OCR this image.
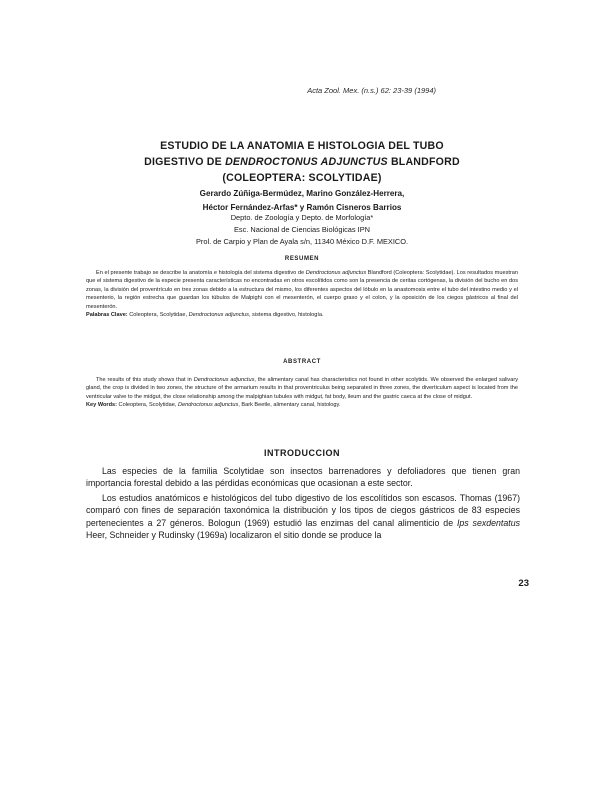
Acta Zool. Mex. (n.s.) 62: 23-39 (1994)
ESTUDIO DE LA ANATOMIA E HISTOLOGIA DEL TUBO
DIGESTIVO DE DENDROCTONUS ADJUNCTUS BLANDFORD
(COLEOPTERA: SCOLYTIDAE)
Gerardo Zúñiga-Bermúdez, Marino González-Herrera,
Héctor Fernández-Arfas* y Ramón Cisneros Barrios
Depto. de Zoología y Depto. de Morfología*
Esc. Nacional de Ciencias Biológicas IPN
Prol. de Carpio y Plan de Ayala s/n, 11340 México D.F. MEXICO.
RESUMEN

En el presente trabajo se describe la anatomía e histología del sistema digestivo de Dendroctonus adjunctus Blandford (Coleoptera: Scolytidae). Los resultados muestran que el sistema digestivo de la especie presenta características no encontradas en otros escolítidos como son la presencia de ceritas cortógenas, la división del bucho en dos zonas, la división del proventrículo en tres zonas debido a la estructura del mismo, los diferentes aspectos del lóbulo en la anastomosis entre el tubo del intestino medio y el mesenterio, la región estrecha que guardan los túbulos de Malpighi con el mesenterón, el cuerpo graso y el colon, y la oposición de los ciegos gástricos al final del mesenterón.

Palabras Clave: Coleoptera, Scolytidae, Dendroctonus adjunctus, sistema digestivo, histología.

ABSTRACT

The results of this study shows that in Dendroctonus adjunctus, the alimentary canal has characteristics not found in other scolytids. We observed the enlarged salivary gland, the crop is divided in two zones, the structure of the armarium results in that proventriculus being separated in three zones, the diverticulum aspect is located from the ventricular valve to the midgut, the close relationship among the malpighian tubules with midgut, fat body, ileum and the gastric caeca at the close of midgut.

Key Words: Coleoptera, Scolytidae, Dendroctonus adjunctus, Bark Beetle, alimentary canal, histology.

INTRODUCCION

Las especies de la familia Scolytidae son insectos barrenadores y defoliadores que tienen gran importancia forestal debido a las pérdidas económicas que ocasionan a este sector.

Los estudios anatómicos e histológicos del tubo digestivo de los escolítidos son escasos. Thomas (1967) comparó con fines de separación taxonómica la distribución y los tipos de ciegos gástricos de 83 especies pertenecientes a 27 géneros. Bologun (1969) estudió las enzimas del canal alimenticio de Ips sexdentatus Heer, Schneider y Rudinsky (1969a) localizaron el sitio donde se produce la

23
